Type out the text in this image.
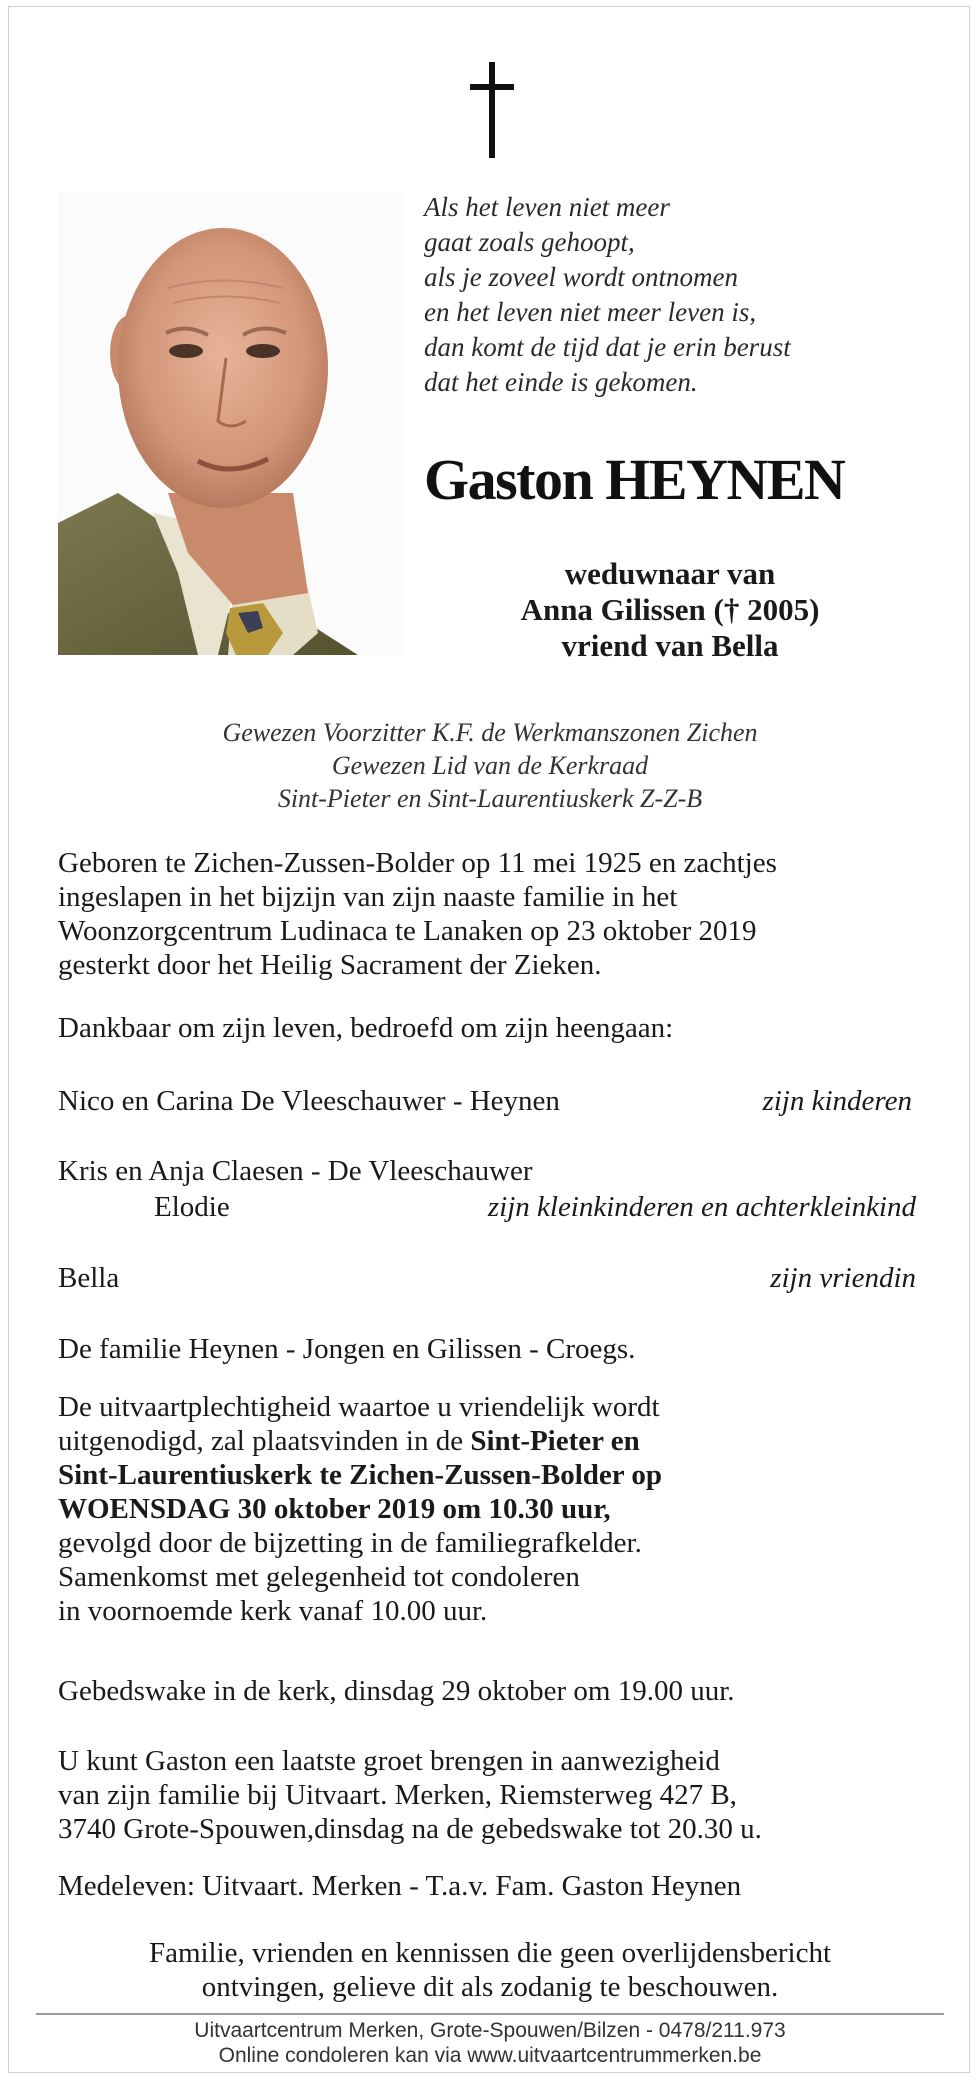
Als het leven niet meer
gaat zoals gehoopt,
als je zoveel wordt ontnomen
en het leven niet meer leven is,
dan komt de tijd dat je erin berust
dat het einde is gekomen.
Gaston HEYNEN
weduwnaar van
Anna Gilissen († 2005)
vriend van Bella
Gewezen Voorzitter K.F. de Werkmanszonen Zichen
Gewezen Lid van de Kerkraad
Sint-Pieter en Sint-Laurentiuskerk Z-Z-B
Geboren te Zichen-Zussen-Bolder op 11 mei 1925 en zachtjes
ingeslapen in het bijzijn van zijn naaste familie in het
Woonzorgcentrum Ludinaca te Lanaken op 23 oktober 2019
gesterkt door het Heilig Sacrament der Zieken.
Dankbaar om zijn leven, bedroefd om zijn heengaan:
Nico en Carina De Vleeschauwer - Heynen	zijn kinderen
Kris en Anja Claesen - De Vleeschauwer
Elodie	zijn kleinkinderen en achterkleinkind
Bella	zijn vriendin
De familie Heynen - Jongen en Gilissen - Croegs.
De uitvaartplechtigheid waartoe u vriendelijk wordt
uitgenodigd, zal plaatsvinden in de Sint-Pieter en
Sint-Laurentiuskerk te Zichen-Zussen-Bolder op
WOENSDAG 30 oktober 2019 om 10.30 uur,
gevolgd door de bijzetting in de familiegrafkelder.
Samenkomst met gelegenheid tot condoleren
in voornoemde kerk vanaf 10.00 uur.
Gebedswake in de kerk, dinsdag 29 oktober om 19.00 uur.
U kunt Gaston een laatste groet brengen in aanwezigheid
van zijn familie bij Uitvaart. Merken, Riemsterweg 427 B,
3740 Grote-Spouwen,dinsdag na de gebedswake tot 20.30 u.
Medeleven: Uitvaart. Merken - T.a.v. Fam. Gaston Heynen
Familie, vrienden en kennissen die geen overlijdensbericht
ontvingen, gelieve dit als zodanig te beschouwen.
Uitvaartcentrum Merken, Grote-Spouwen/Bilzen - 0478/211.973
Online condoleren kan via www.uitvaartcentrummerken.be
